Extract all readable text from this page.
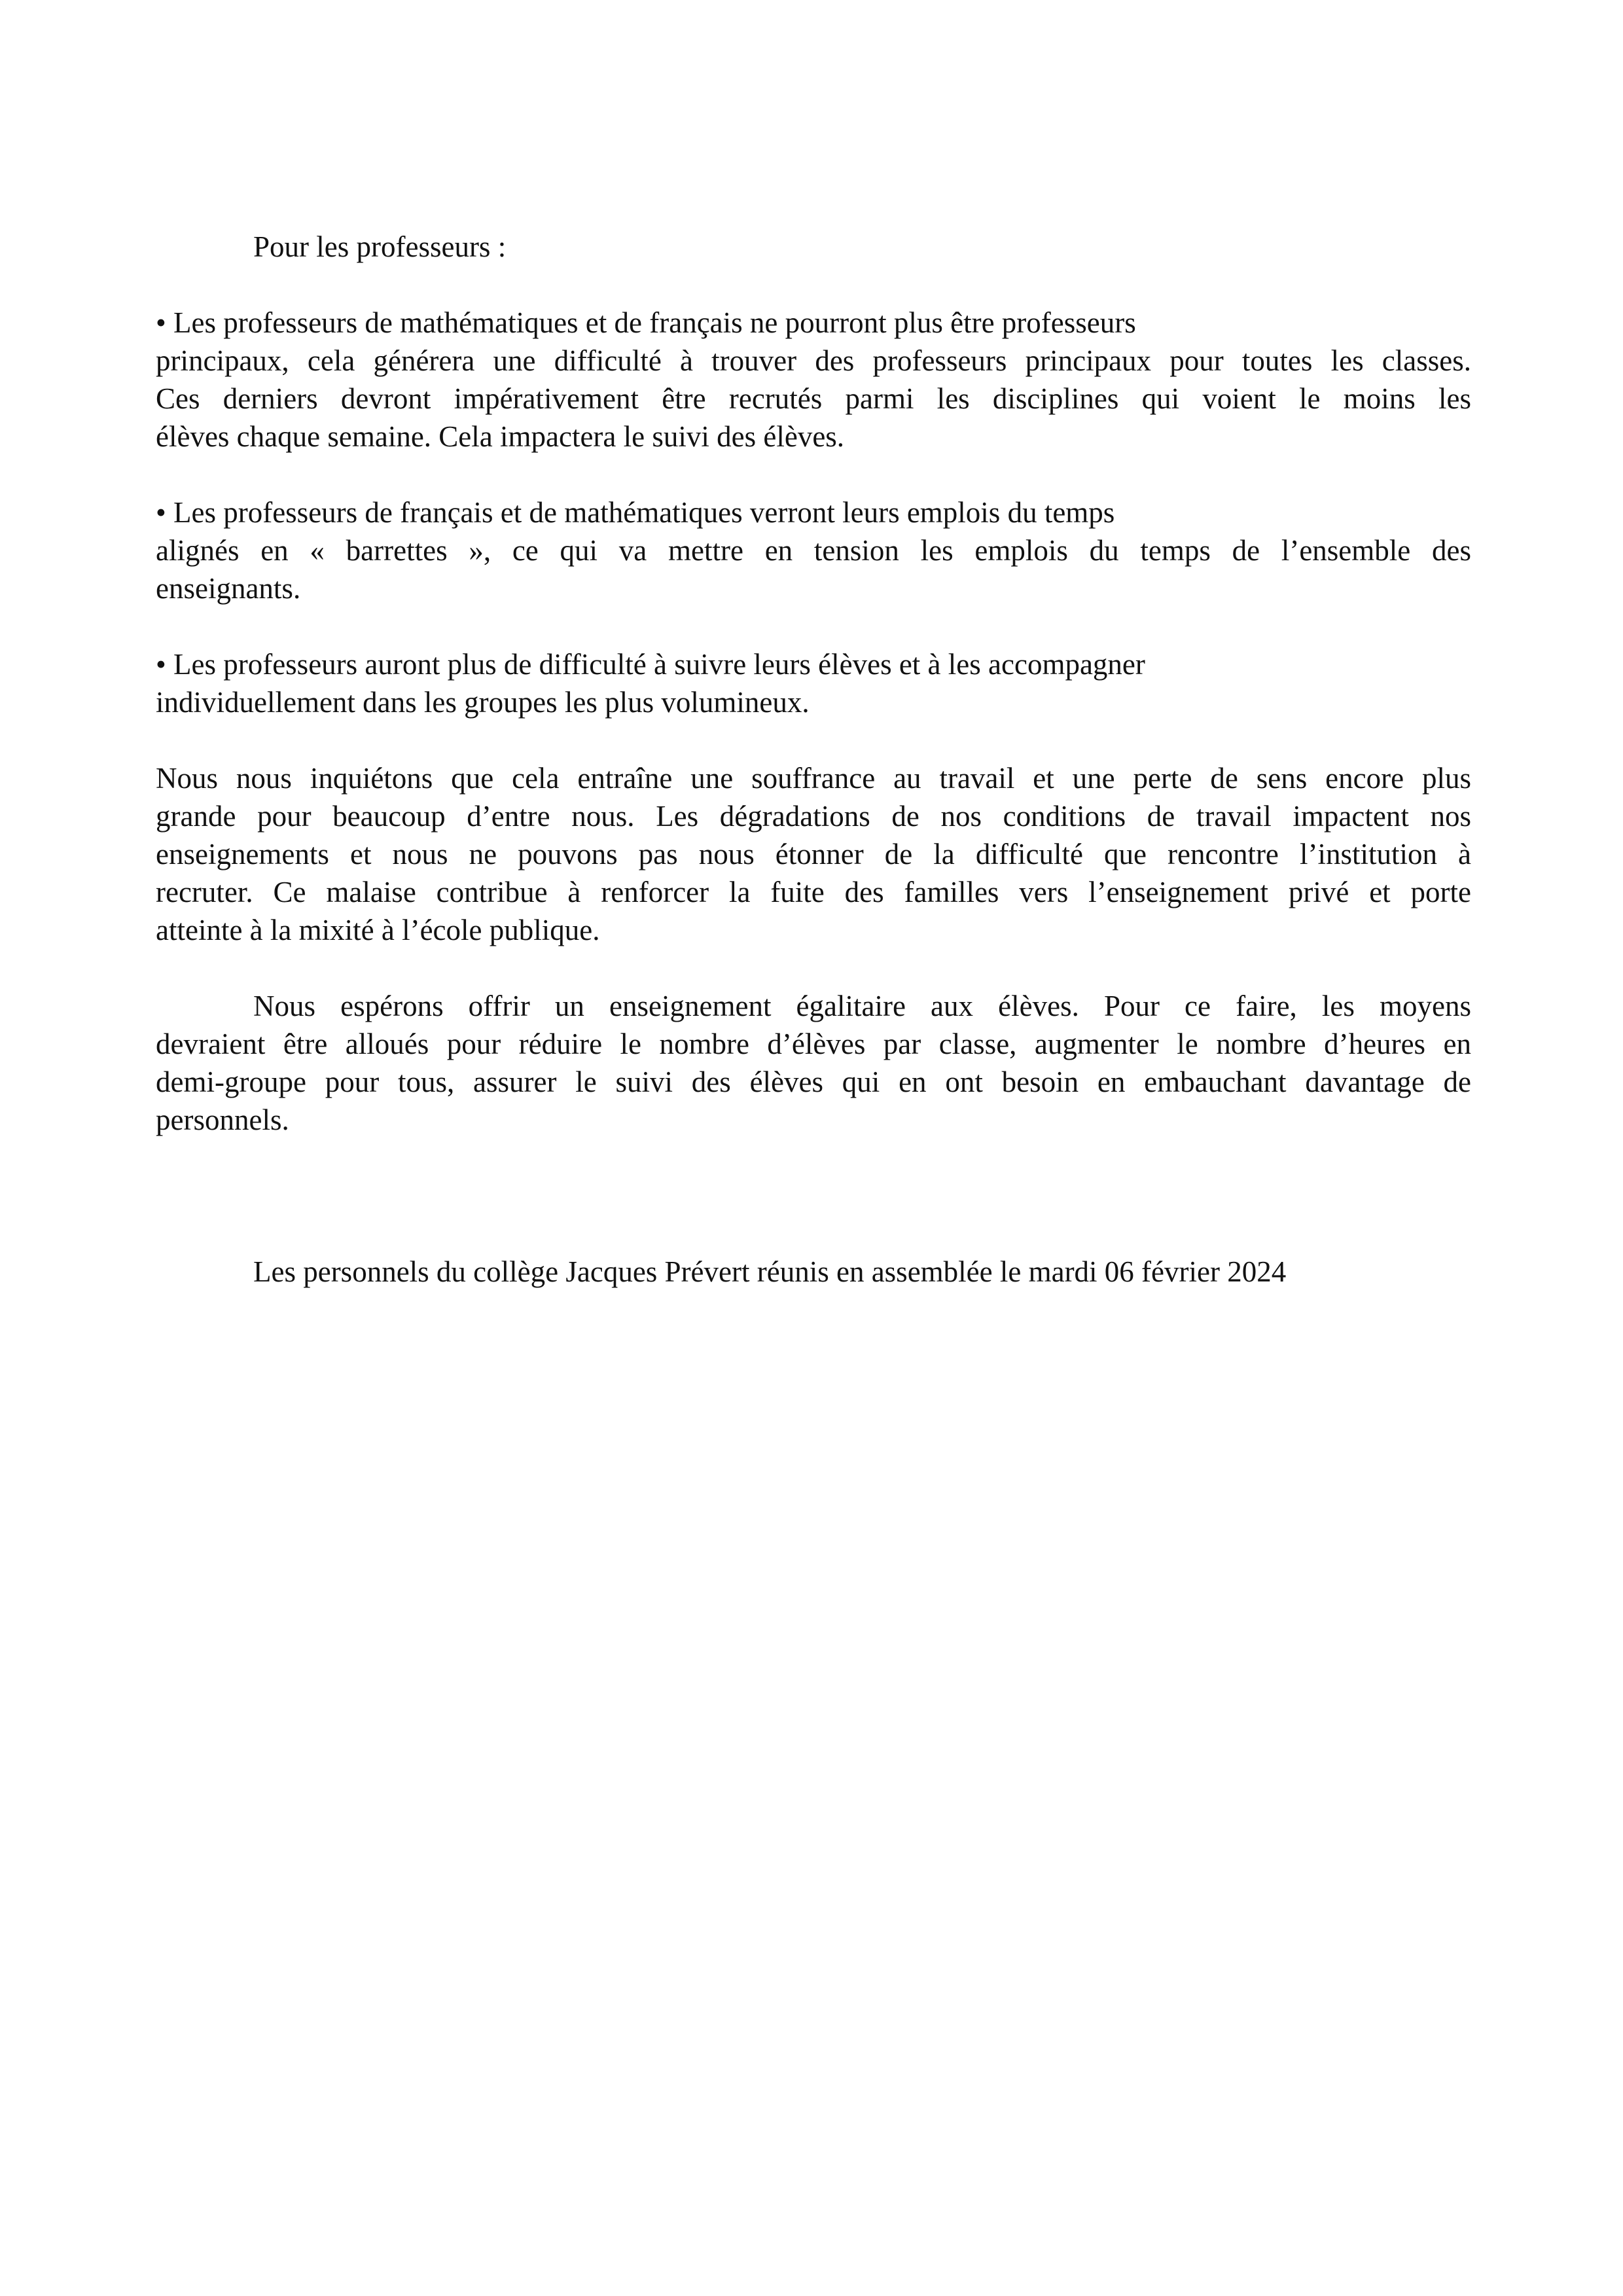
Pour les professeurs :

• Les professeurs de mathématiques et de français ne pourront plus être professeurs
principaux, cela générera une difficulté à trouver des professeurs principaux pour toutes les classes.
Ces derniers devront impérativement être recrutés parmi les disciplines qui voient le moins les
élèves chaque semaine. Cela impactera le suivi des élèves.
• Les professeurs de français et de mathématiques verront leurs emplois du temps
alignés en « barrettes », ce qui va mettre en tension les emplois du temps de l’ensemble des
enseignants.
• Les professeurs auront plus de difficulté à suivre leurs élèves et à les accompagner
individuellement dans les groupes les plus volumineux.
Nous nous inquiétons que cela entraîne une souffrance au travail et une perte de sens encore plus
grande pour beaucoup d’entre nous. Les dégradations de nos conditions de travail impactent nos
enseignements et nous ne pouvons pas nous étonner de la difficulté que rencontre l’institution à
recruter. Ce malaise contribue à renforcer la fuite des familles vers l’enseignement privé et porte
atteinte à la mixité à l’école publique.
Nous espérons offrir un enseignement égalitaire aux élèves. Pour ce faire, les moyens
devraient être alloués pour réduire le nombre d’élèves par classe, augmenter le nombre d’heures en
demi-groupe pour tous, assurer le suivi des élèves qui en ont besoin en embauchant davantage de
personnels.

Les personnels du collège Jacques Prévert réunis en assemblée le mardi 06 février 2024
